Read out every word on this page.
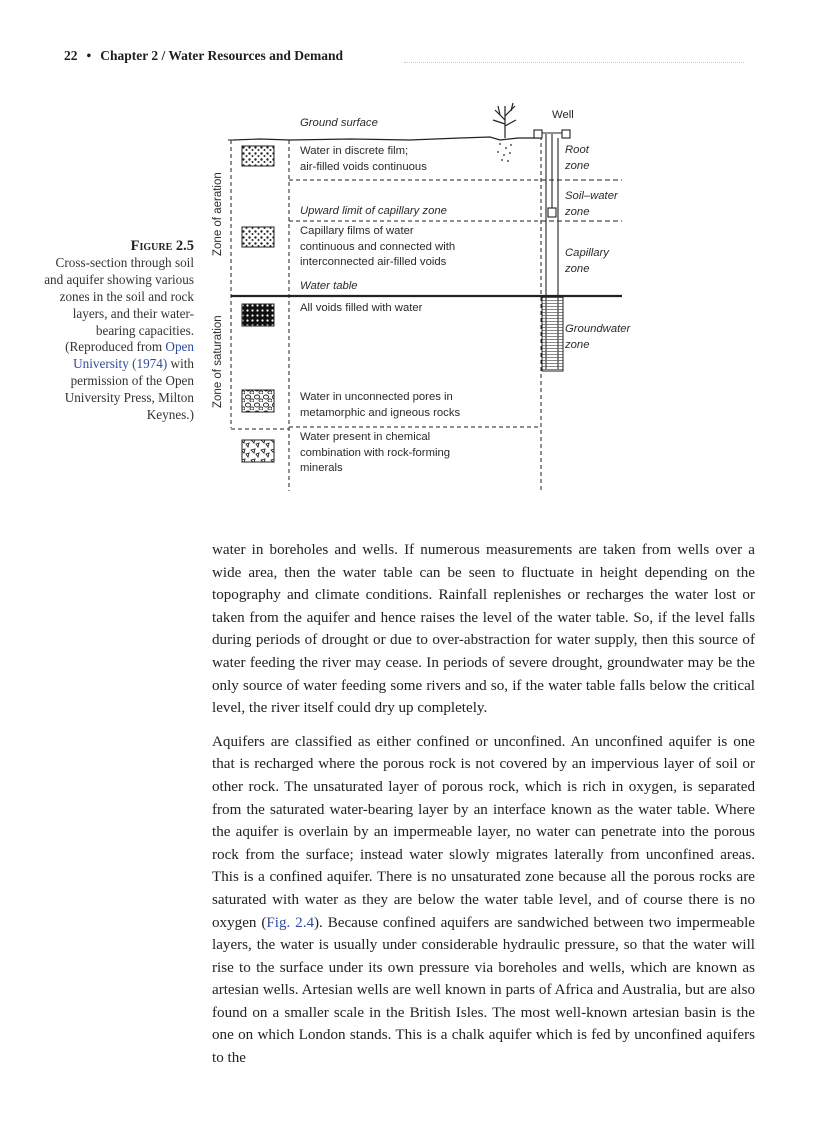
22 • Chapter 2 / Water Resources and Demand
Figure 2.5
Cross-section through soil and aquifer showing various zones in the soil and rock layers, and their water-bearing capacities. (Reproduced from Open University (1974) with permission of the Open University Press, Milton Keynes.)
Ground surface
Well
Zone of aeration
Zone of saturation
Water in discrete film;
air-filled voids continuous
Upward limit of capillary zone
Capillary films of water
continuous and connected with
interconnected air-filled voids
Water table
All voids filled with water
Water in unconnected pores in
metamorphic and igneous rocks
Water present in chemical
combination with rock-forming
minerals
Root
zone
Soil–water
zone
Capillary
zone
Groundwater
zone

water in boreholes and wells. If numerous measurements are taken from wells over a wide area, then the water table can be seen to fluctuate in height depending on the topography and climate conditions. Rainfall replenishes or recharges the water lost or taken from the aquifer and hence raises the level of the water table. So, if the level falls during periods of drought or due to over-abstraction for water supply, then this source of water feeding the river may cease. In periods of severe drought, groundwater may be the only source of water feeding some rivers and so, if the water table falls below the critical level, the river itself could dry up completely.

Aquifers are classified as either confined or unconfined. An unconfined aquifer is one that is recharged where the porous rock is not covered by an impervious layer of soil or other rock. The unsaturated layer of porous rock, which is rich in oxygen, is separated from the saturated water-bearing layer by an interface known as the water table. Where the aquifer is overlain by an impermeable layer, no water can penetrate into the porous rock from the surface; instead water slowly migrates laterally from unconfined areas. This is a confined aquifer. There is no unsaturated zone because all the porous rocks are saturated with water as they are below the water table level, and of course there is no oxygen (Fig. 2.4). Because confined aquifers are sandwiched between two impermeable layers, the water is usually under considerable hydraulic pressure, so that the water will rise to the surface under its own pressure via boreholes and wells, which are known as artesian wells. Artesian wells are well known in parts of Africa and Australia, but are also found on a smaller scale in the British Isles. The most well-known artesian basin is the one on which London stands. This is a chalk aquifer which is fed by unconfined aquifers to the
